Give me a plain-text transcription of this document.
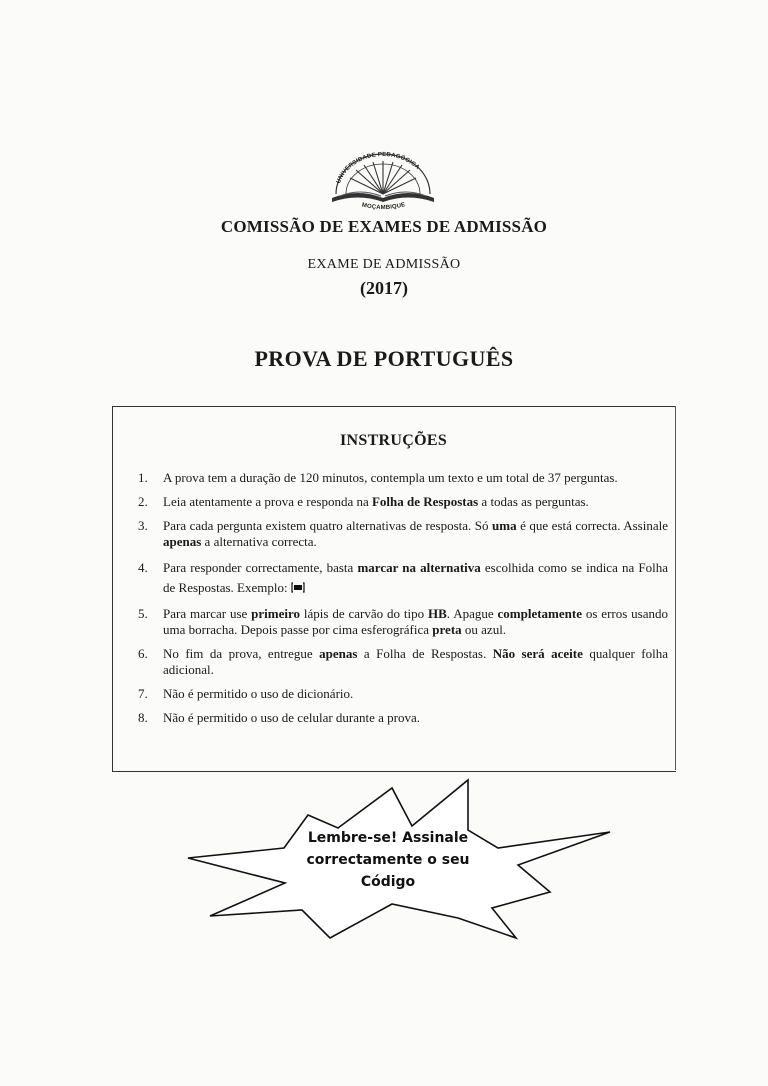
UNIVERSIDADE PEDAGÓGICA
MOÇAMBIQUE
COMISSÃO DE EXAMES DE ADMISSÃO
EXAME DE ADMISSÃO
(2017)
PROVA DE PORTUGUÊS
INSTRUÇÕES
1. A prova tem a duração de 120 minutos, contempla um texto e um total de 37 perguntas.
2. Leia atentamente a prova e responda na Folha de Respostas a todas as perguntas.
3. Para cada pergunta existem quatro alternativas de resposta. Só uma é que está correcta. Assinale apenas a alternativa correcta.
4. Para responder correctamente, basta marcar na alternativa escolhida como se indica na Folha de Respostas. Exemplo:
5. Para marcar use primeiro lápis de carvão do tipo HB. Apague completamente os erros usando uma borracha. Depois passe por cima esferográfica preta ou azul.
6. No fim da prova, entregue apenas a Folha de Respostas. Não será aceite qualquer folha adicional.
7. Não é permitido o uso de dicionário.
8. Não é permitido o uso de celular durante a prova.
Lembre-se! Assinale
correctamente o seu
Código
